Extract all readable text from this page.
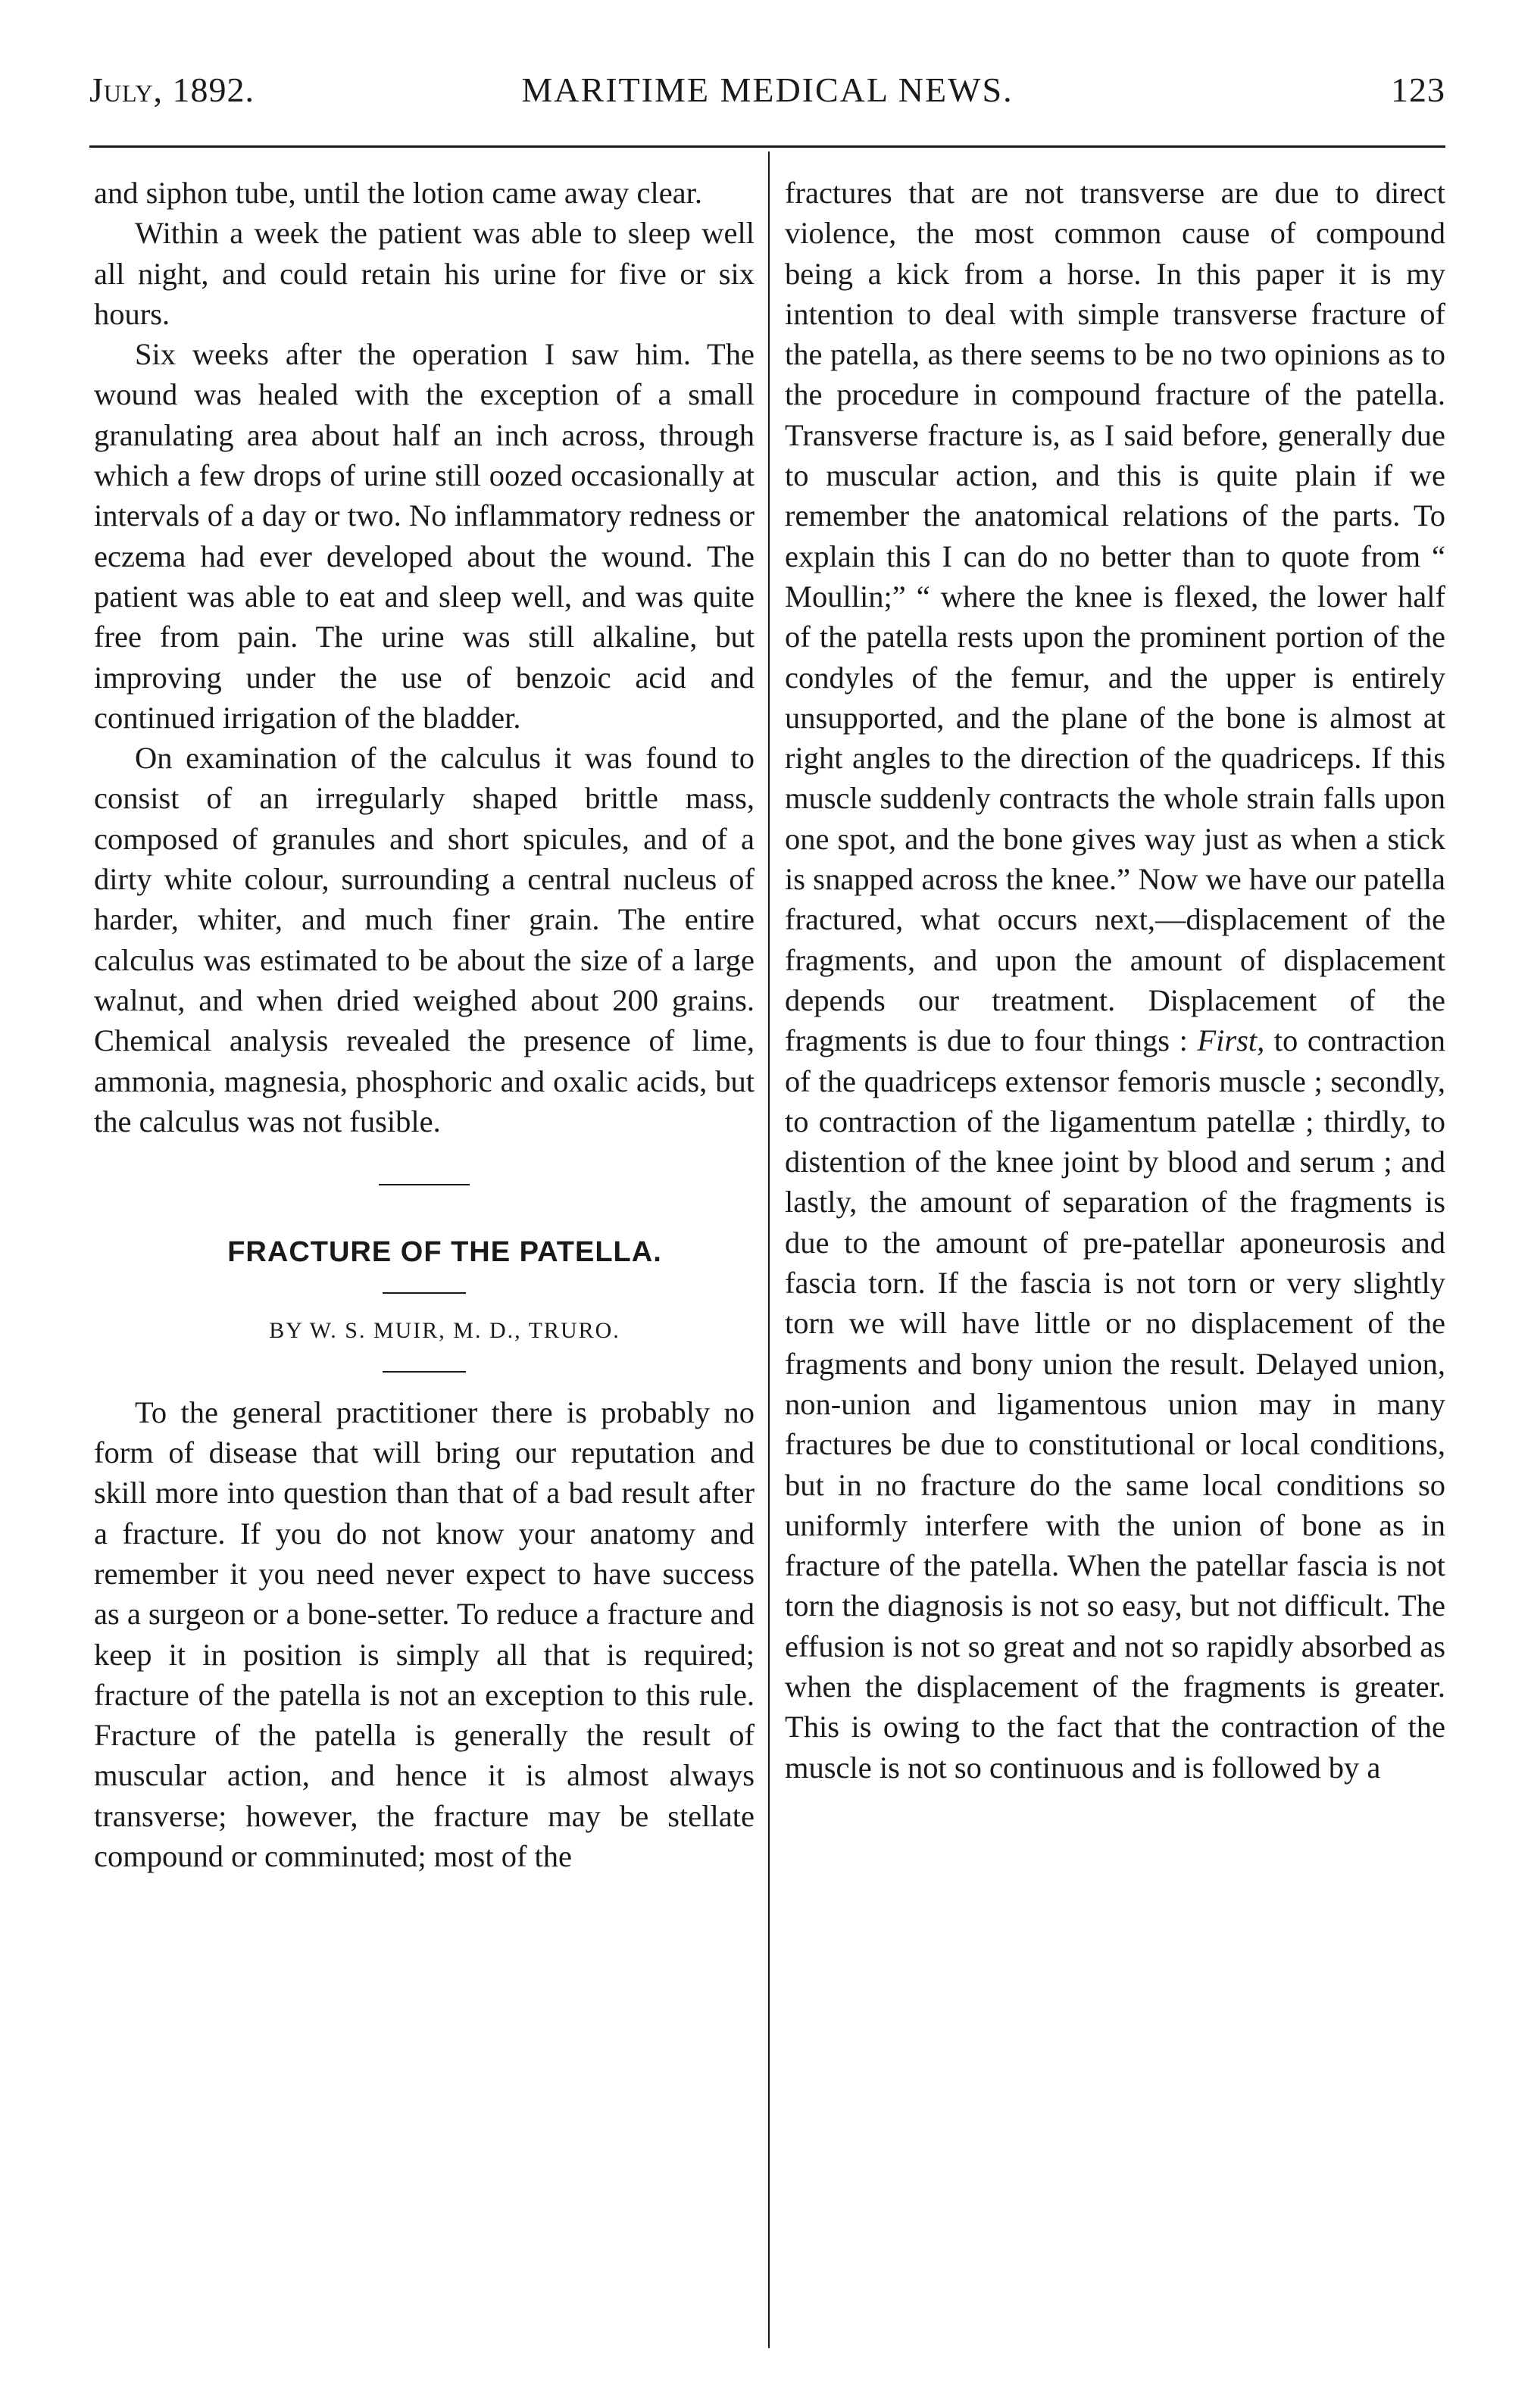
July, 1892.	MARITIME MEDICAL NEWS.	123

and siphon tube, until the lotion came away clear.

Within a week the patient was able to sleep well all night, and could retain his urine for five or six hours.

Six weeks after the operation I saw him. The wound was healed with the exception of a small granulating area about half an inch across, through which a few drops of urine still oozed occasionally at intervals of a day or two. No inflammatory redness or eczema had ever developed about the wound. The patient was able to eat and sleep well, and was quite free from pain. The urine was still alkaline, but improving under the use of benzoic acid and continued irrigation of the bladder.

On examination of the calculus it was found to consist of an irregularly shaped brittle mass, composed of granules and short spicules, and of a dirty white colour, surrounding a central nucleus of harder, whiter, and much finer grain. The entire calculus was estimated to be about the size of a large walnut, and when dried weighed about 200 grains. Chemical analysis revealed the presence of lime, ammonia, magnesia, phosphoric and oxalic acids, but the calculus was not fusible.

FRACTURE OF THE PATELLA.

BY W. S. MUIR, M. D., TRURO.

To the general practitioner there is probably no form of disease that will bring our reputation and skill more into question than that of a bad result after a fracture. If you do not know your anatomy and remember it you need never expect to have success as a surgeon or a bone-setter. To reduce a fracture and keep it in position is simply all that is required; fracture of the patella is not an exception to this rule. Fracture of the patella is generally the result of muscular action, and hence it is almost always transverse; however, the fracture may be stellate compound or comminuted; most of the

fractures that are not transverse are due to direct violence, the most common cause of compound being a kick from a horse. In this paper it is my intention to deal with simple transverse fracture of the patella, as there seems to be no two opinions as to the procedure in compound fracture of the patella. Transverse fracture is, as I said before, generally due to muscular action, and this is quite plain if we remember the anatomical relations of the parts. To explain this I can do no better than to quote from “ Moullin;” “ where the knee is flexed, the lower half of the patella rests upon the prominent portion of the condyles of the femur, and the upper is entirely unsupported, and the plane of the bone is almost at right angles to the direction of the quadriceps. If this muscle suddenly contracts the whole strain falls upon one spot, and the bone gives way just as when a stick is snapped across the knee.” Now we have our patella fractured, what occurs next,—displacement of the fragments, and upon the amount of displacement depends our treatment. Displacement of the fragments is due to four things : First, to contraction of the quadriceps extensor femoris muscle ; secondly, to contraction of the ligamentum patellæ ; thirdly, to distention of the knee joint by blood and serum ; and lastly, the amount of separation of the fragments is due to the amount of pre-patellar aponeurosis and fascia torn. If the fascia is not torn or very slightly torn we will have little or no displacement of the fragments and bony union the result. Delayed union, non-union and ligamentous union may in many fractures be due to constitutional or local conditions, but in no fracture do the same local conditions so uniformly interfere with the union of bone as in fracture of the patella. When the patellar fascia is not torn the diagnosis is not so easy, but not difficult. The effusion is not so great and not so rapidly absorbed as when the displacement of the fragments is greater. This is owing to the fact that the contraction of the muscle is not so continuous and is followed by a
